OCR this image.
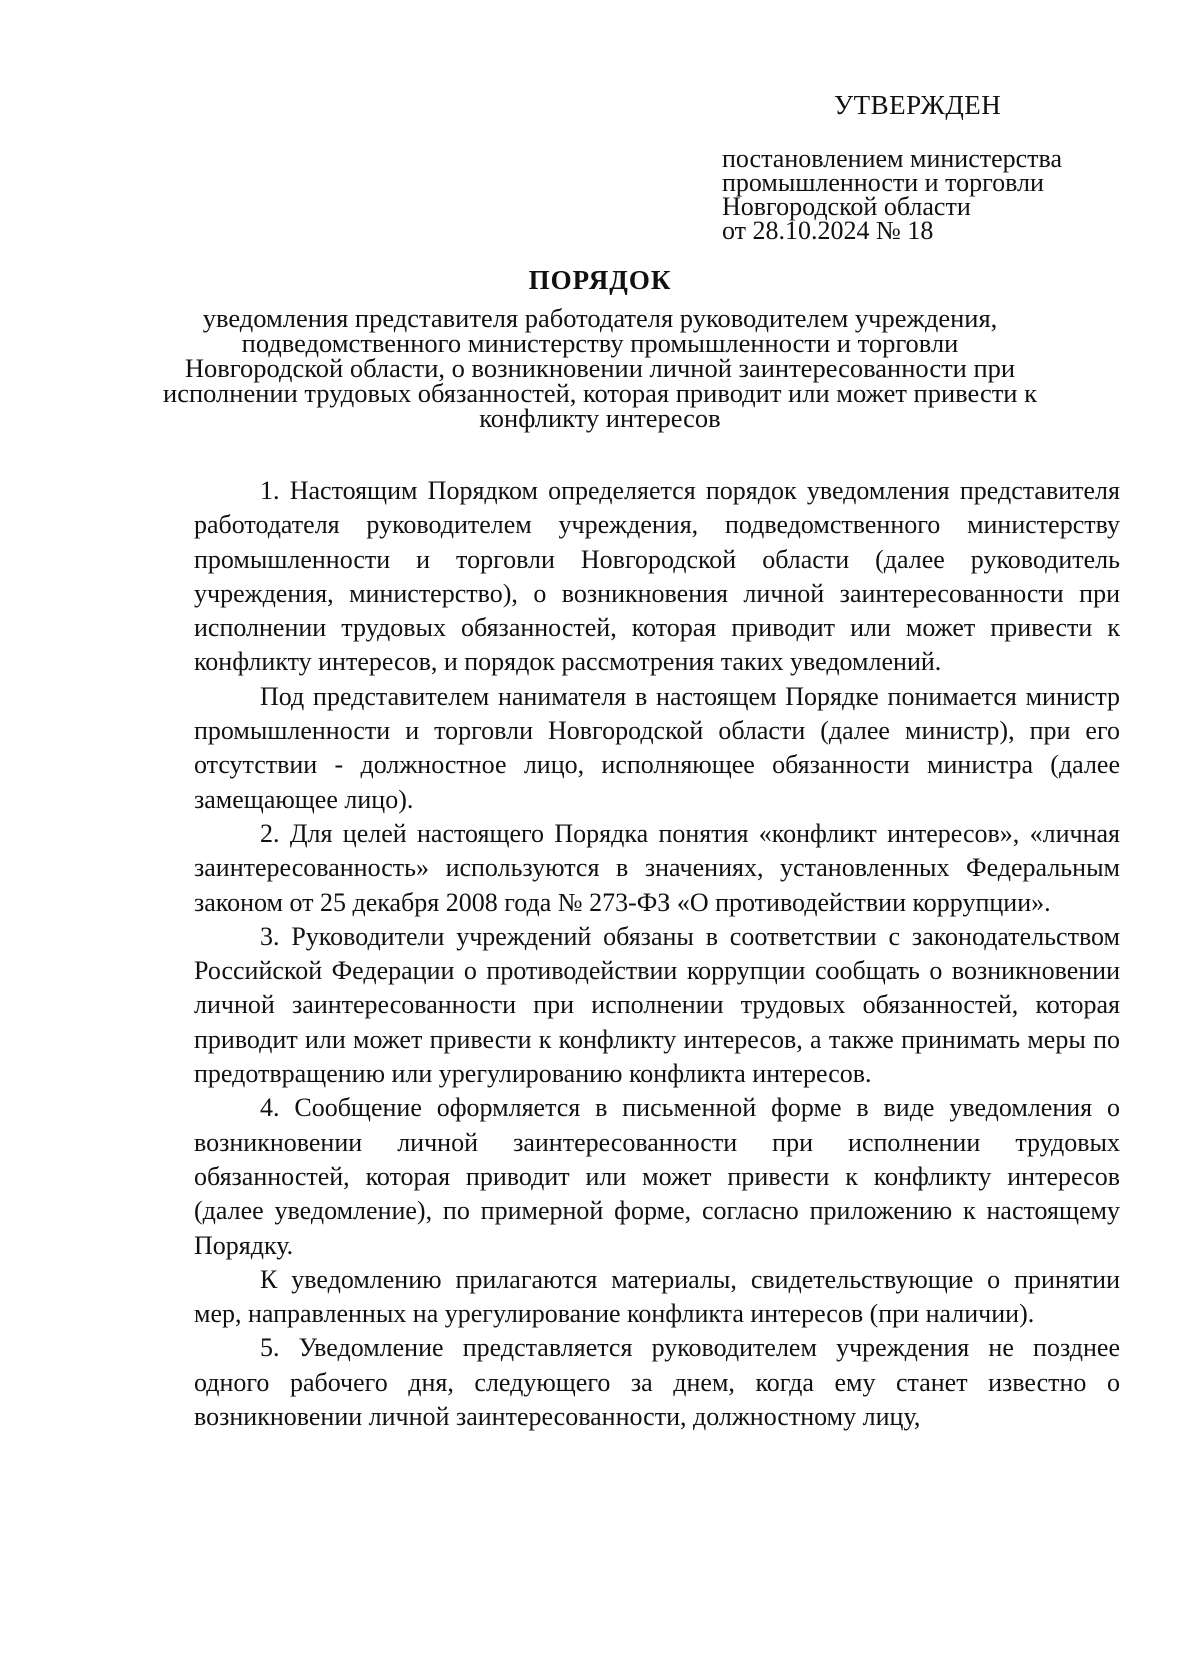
УТВЕРЖДЕН
постановлением министерства
промышленности и торговли
Новгородской области
от 28.10.2024 № 18
ПОРЯДОК
уведомления представителя работодателя руководителем учреждения,
подведомственного министерству промышленности и торговли
Новгородской области, о возникновении личной заинтересованности при
исполнении трудовых обязанностей, которая приводит или может привести к
конфликту интересов

1. Настоящим Порядком определяется порядок уведомления представителя работодателя руководителем учреждения, подведомственного министерству промышленности и торговли Новгородской области (далее руководитель учреждения, министерство), о возникновения личной заинтересованности при исполнении трудовых обязанностей, которая приводит или может привести к конфликту интересов, и порядок рассмотрения таких уведомлений.

Под представителем нанимателя в настоящем Порядке понимается министр промышленности и торговли Новгородской области (далее министр), при его отсутствии - должностное лицо, исполняющее обязанности министра (далее замещающее лицо).

2. Для целей настоящего Порядка понятия «конфликт интересов», «личная заинтересованность» используются в значениях, установленных Федеральным законом от 25 декабря 2008 года № 273-ФЗ «О противодействии коррупции».

3. Руководители учреждений обязаны в соответствии с законодательством Российской Федерации о противодействии коррупции сообщать о возникновении личной заинтересованности при исполнении трудовых обязанностей, которая приводит или может привести к конфликту интересов, а также принимать меры по предотвращению или урегулированию конфликта интересов.

4. Сообщение оформляется в письменной форме в виде уведомления о возникновении личной заинтересованности при исполнении трудовых обязанностей, которая приводит или может привести к конфликту интересов (далее уведомление), по примерной форме, согласно приложению к настоящему Порядку.

К уведомлению прилагаются материалы, свидетельствующие о принятии мер, направленных на урегулирование конфликта интересов (при наличии).

5. Уведомление представляется руководителем учреждения не позднее одного рабочего дня, следующего за днем, когда ему станет известно о возникновении личной заинтересованности, должностному лицу,
